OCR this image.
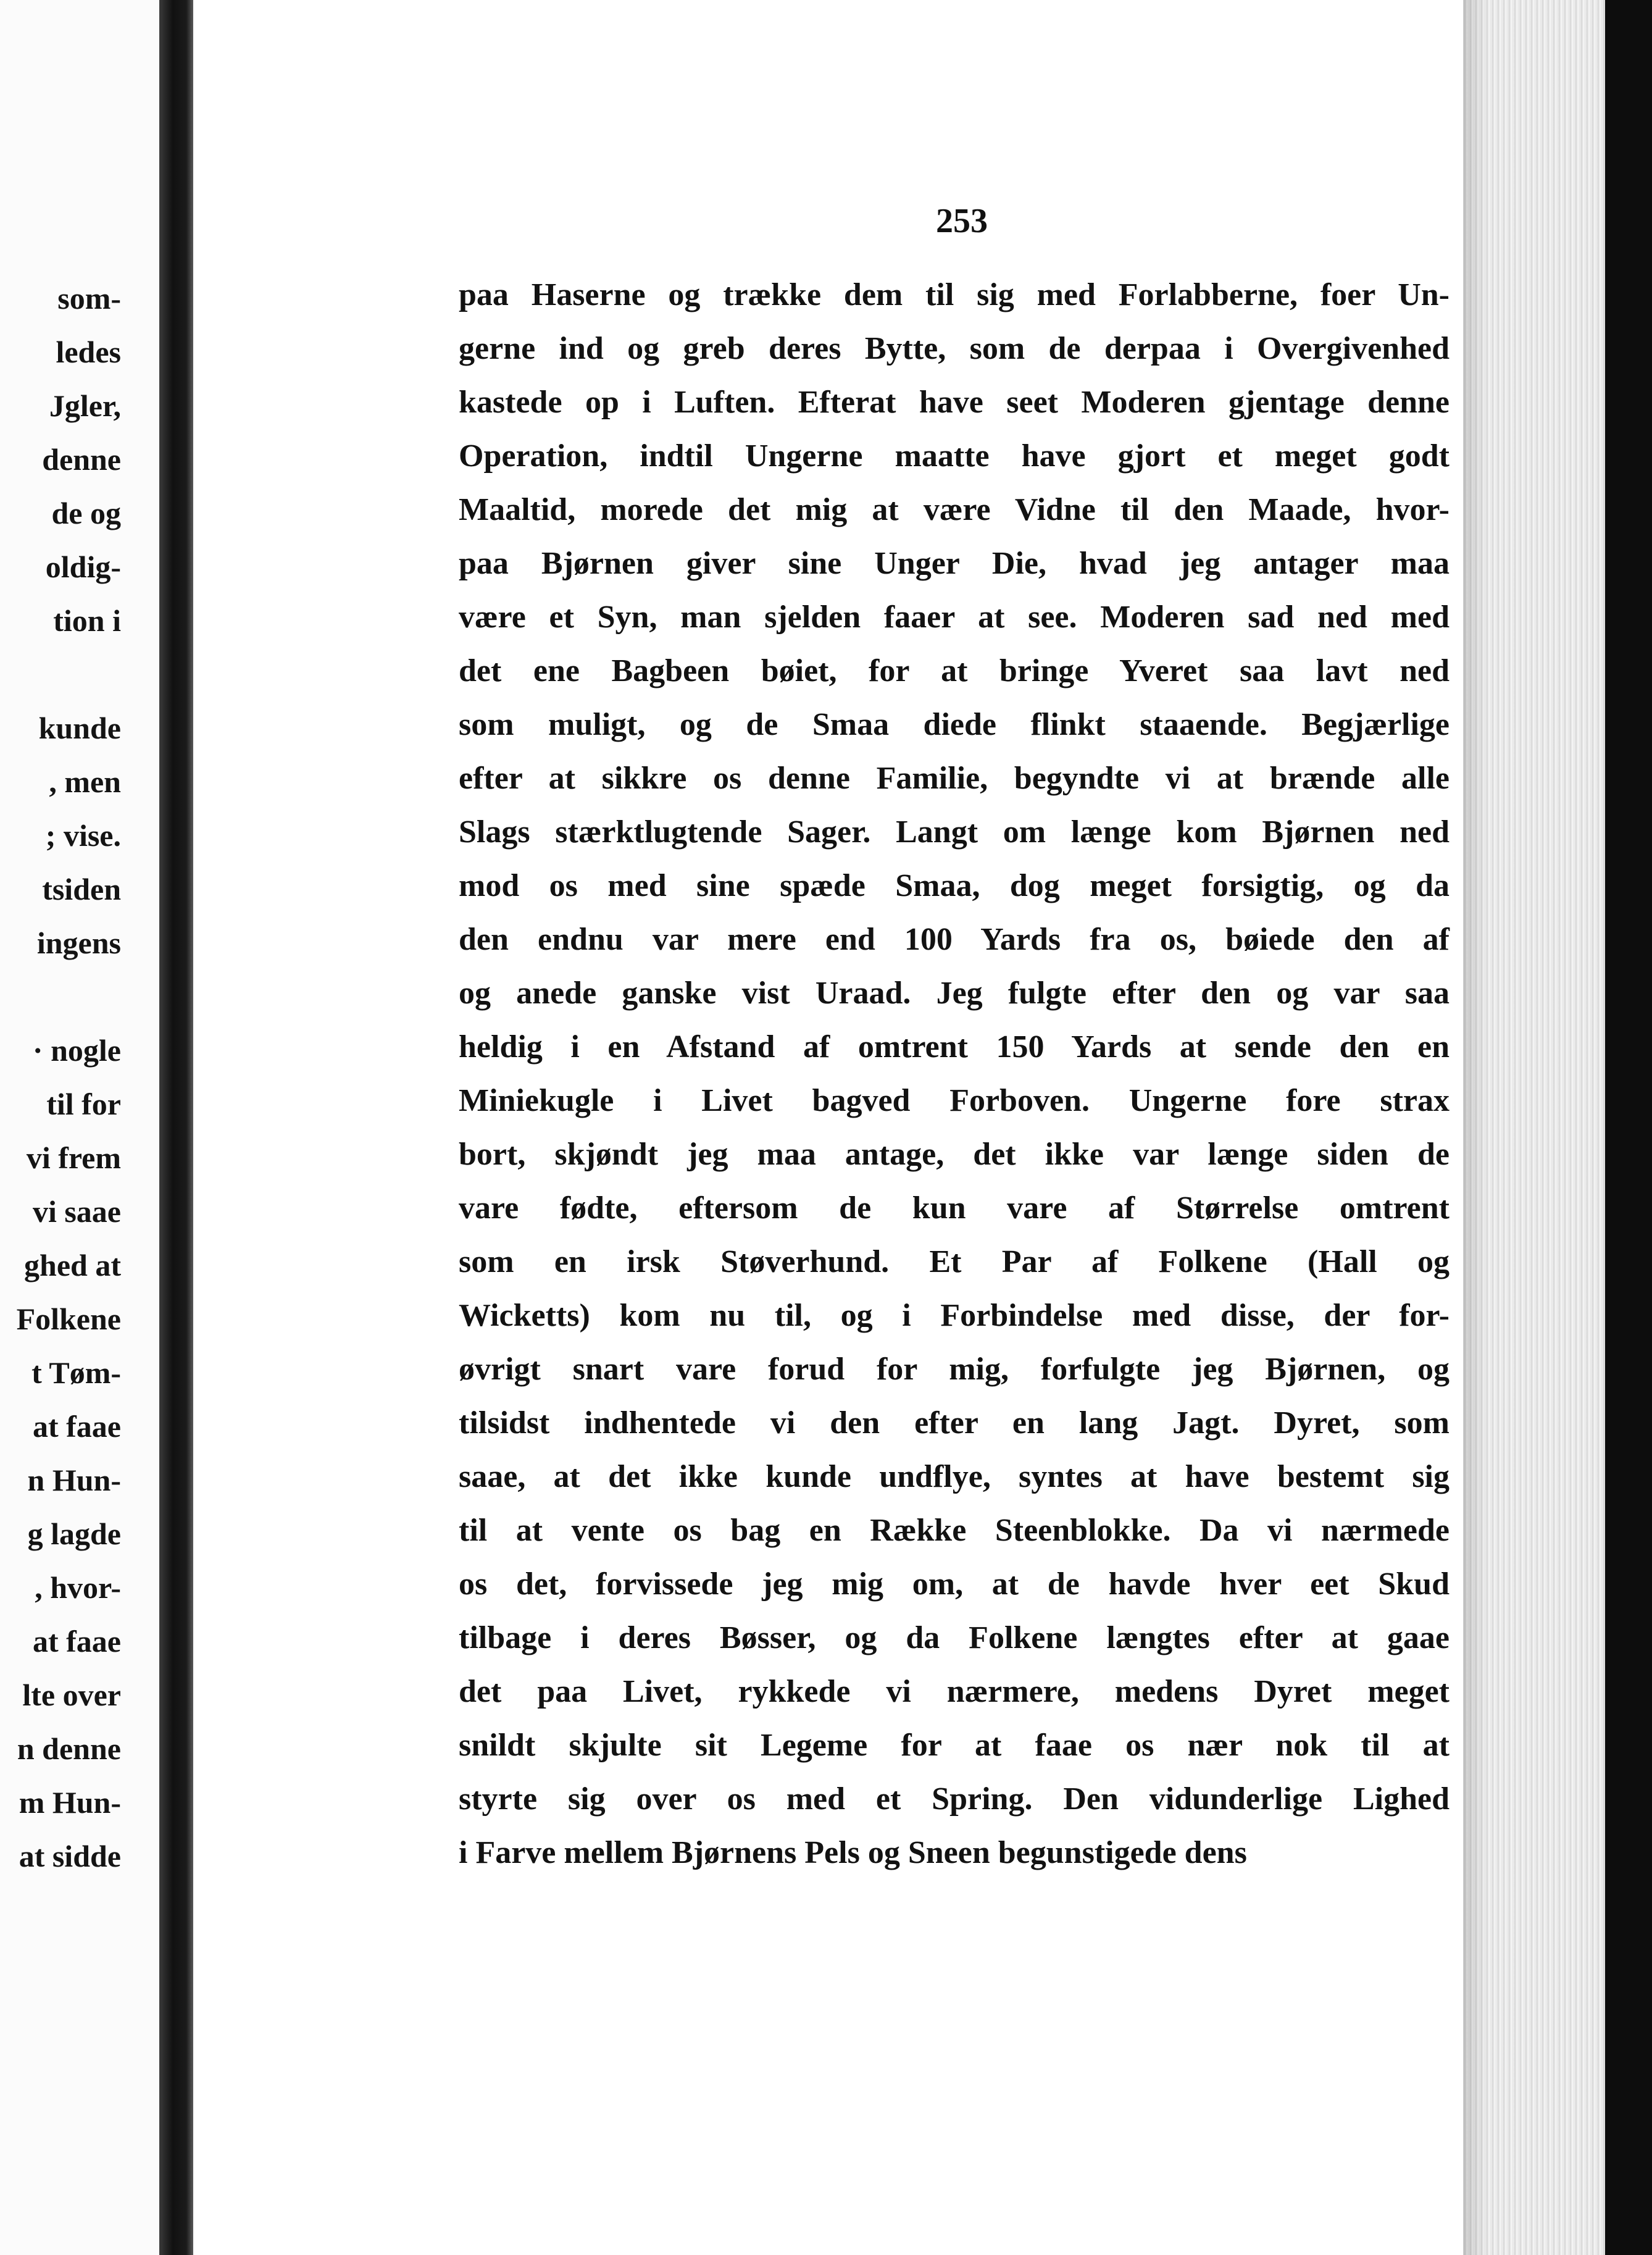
som-
ledes
Jgler,
denne
de og
oldig-
tion i

kunde
, men
; vise.
tsiden
ingens

· nogle
til for
vi frem
vi saae
ghed at
Folkene
t Tøm-
at faae
n Hun-
g lagde
, hvor-
at faae
lte over
n denne
m Hun-
at sidde
253
paa Haserne og trække dem til sig med Forlabberne, foer Un-
gerne ind og greb deres Bytte, som de derpaa i Overgivenhed
kastede op i Luften. Efterat have seet Moderen gjentage denne
Operation, indtil Ungerne maatte have gjort et meget godt
Maaltid, morede det mig at være Vidne til den Maade, hvor-
paa Bjørnen giver sine Unger Die, hvad jeg antager maa
være et Syn, man sjelden faaer at see. Moderen sad ned med
det ene Bagbeen bøiet, for at bringe Yveret saa lavt ned
som muligt, og de Smaa diede flinkt staaende. Begjærlige
efter at sikkre os denne Familie, begyndte vi at brænde alle
Slags stærktlugtende Sager. Langt om længe kom Bjørnen ned
mod os med sine spæde Smaa, dog meget forsigtig, og da
den endnu var mere end 100 Yards fra os, bøiede den af
og anede ganske vist Uraad. Jeg fulgte efter den og var saa
heldig i en Afstand af omtrent 150 Yards at sende den en
Miniekugle i Livet bagved Forboven. Ungerne fore strax
bort, skjøndt jeg maa antage, det ikke var længe siden de
vare fødte, eftersom de kun vare af Størrelse omtrent
som en irsk Støverhund. Et Par af Folkene (Hall og
Wicketts) kom nu til, og i Forbindelse med disse, der for-
øvrigt snart vare forud for mig, forfulgte jeg Bjørnen, og
tilsidst indhentede vi den efter en lang Jagt. Dyret, som
saae, at det ikke kunde undflye, syntes at have bestemt sig
til at vente os bag en Række Steenblokke. Da vi nærmede
os det, forvissede jeg mig om, at de havde hver eet Skud
tilbage i deres Bøsser, og da Folkene længtes efter at gaae
det paa Livet, rykkede vi nærmere, medens Dyret meget
snildt skjulte sit Legeme for at faae os nær nok til at
styrte sig over os med et Spring. Den vidunderlige Lighed
i Farve mellem Bjørnens Pels og Sneen begunstigede dens
